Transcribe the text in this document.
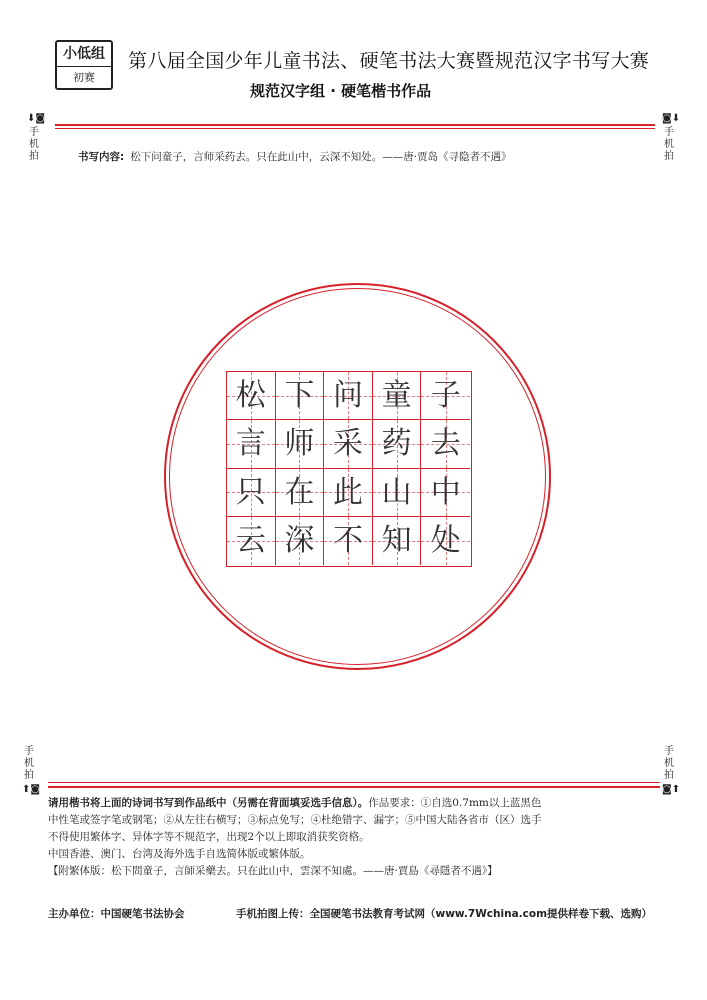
小低组
初赛
第八届全国少年儿童书法、硬笔书法大赛暨规范汉字书写大赛
规范汉字组 · 硬笔楷书作品
⬇◙
手机拍
◙⬇
手机拍
书写内容: 松下问童子，言师采药去。只在此山中，云深不知处。——唐·贾岛《寻隐者不遇》
松 下 问 童 子
言 师 采 药 去
只 在 此 山 中
云 深 不 知 处
手机拍
⬆◙
手机拍
◙⬆
请用楷书将上面的诗词书写到作品纸中（另需在背面填妥选手信息）。作品要求：①自选0.7mm以上蓝黑色
中性笔或签字笔或钢笔；②从左往右横写；③标点免写；④杜绝错字、漏字；⑤中国大陆各省市（区）选手
不得使用繁体字、异体字等不规范字，出现2个以上即取消获奖资格。
中国香港、澳门、台湾及海外选手自选简体版或繁体版。
【附繁体版：松下問童子，言師采藥去。只在此山中，雲深不知處。——唐·賈島《尋隱者不遇》】
主办单位：中国硬笔书法协会	手机拍图上传：全国硬笔书法教育考试网（www.7Wchina.com提供样卷下载、选购）
